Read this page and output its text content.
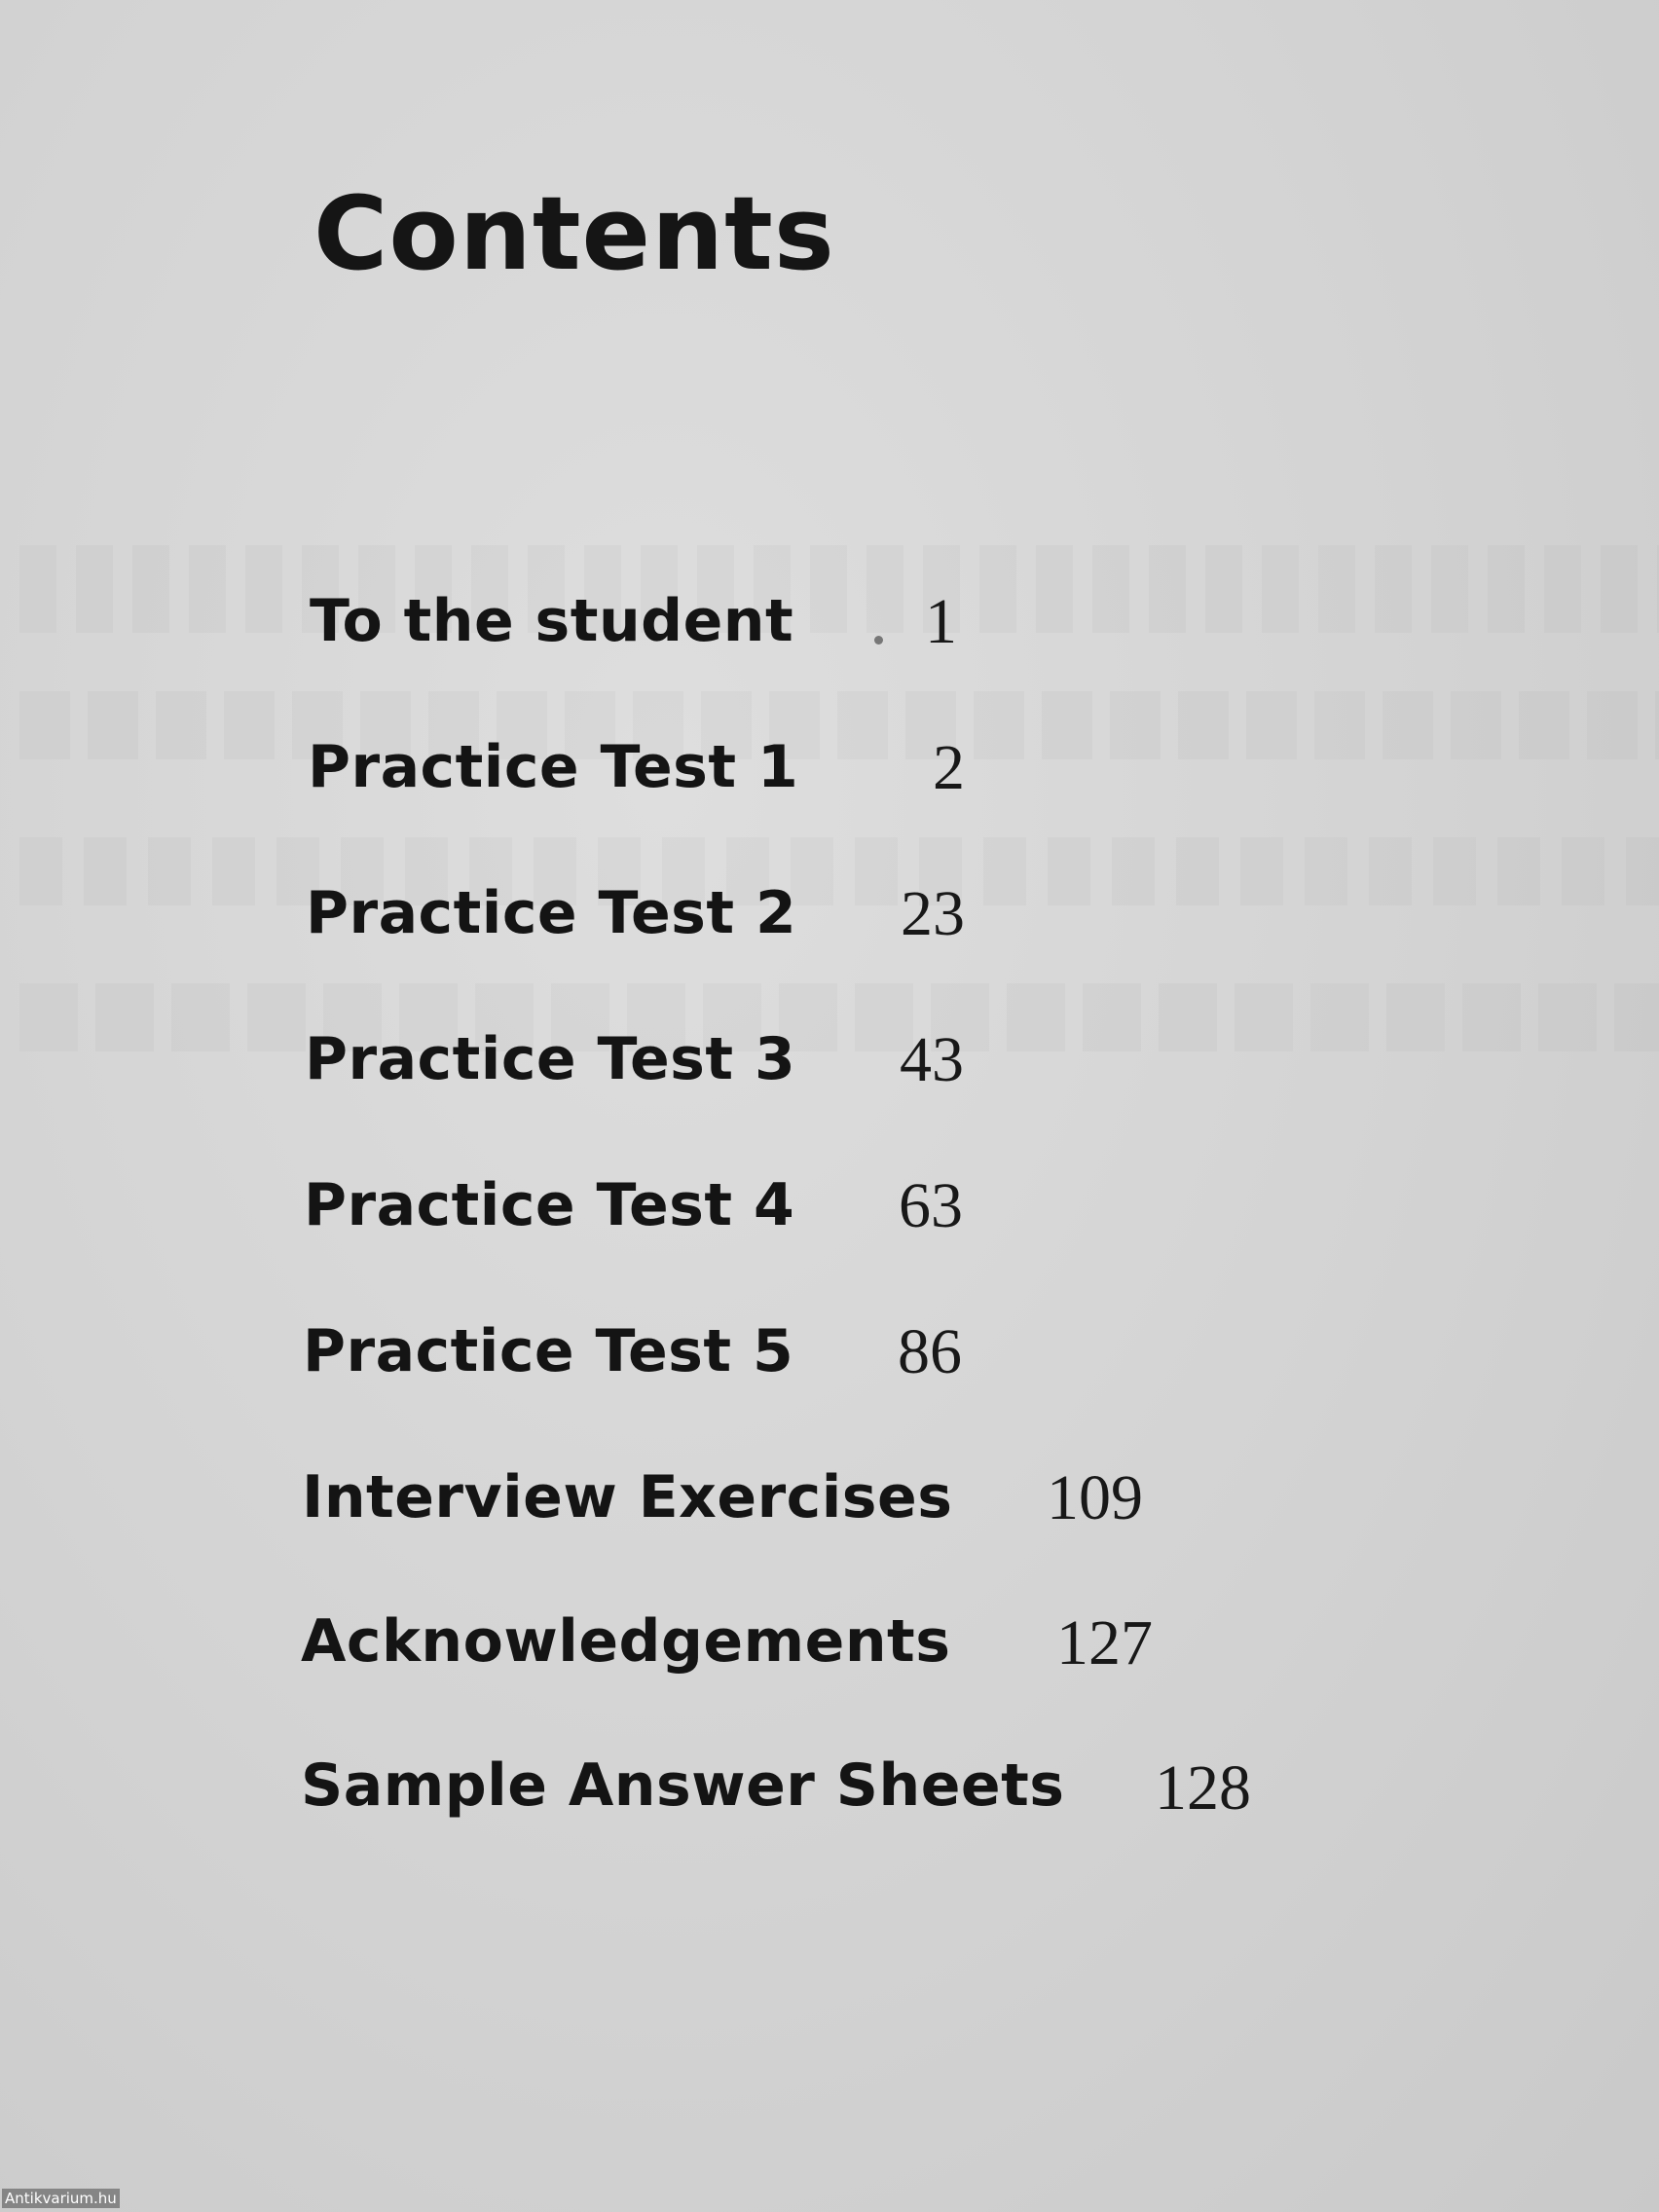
Contents
To the student 1
Practice Test 1 2
Practice Test 2 23
Practice Test 3 43
Practice Test 4 63
Practice Test 5 86
Interview Exercises 109
Acknowledgements 127
Sample Answer Sheets 128
Antikvarium.hu
